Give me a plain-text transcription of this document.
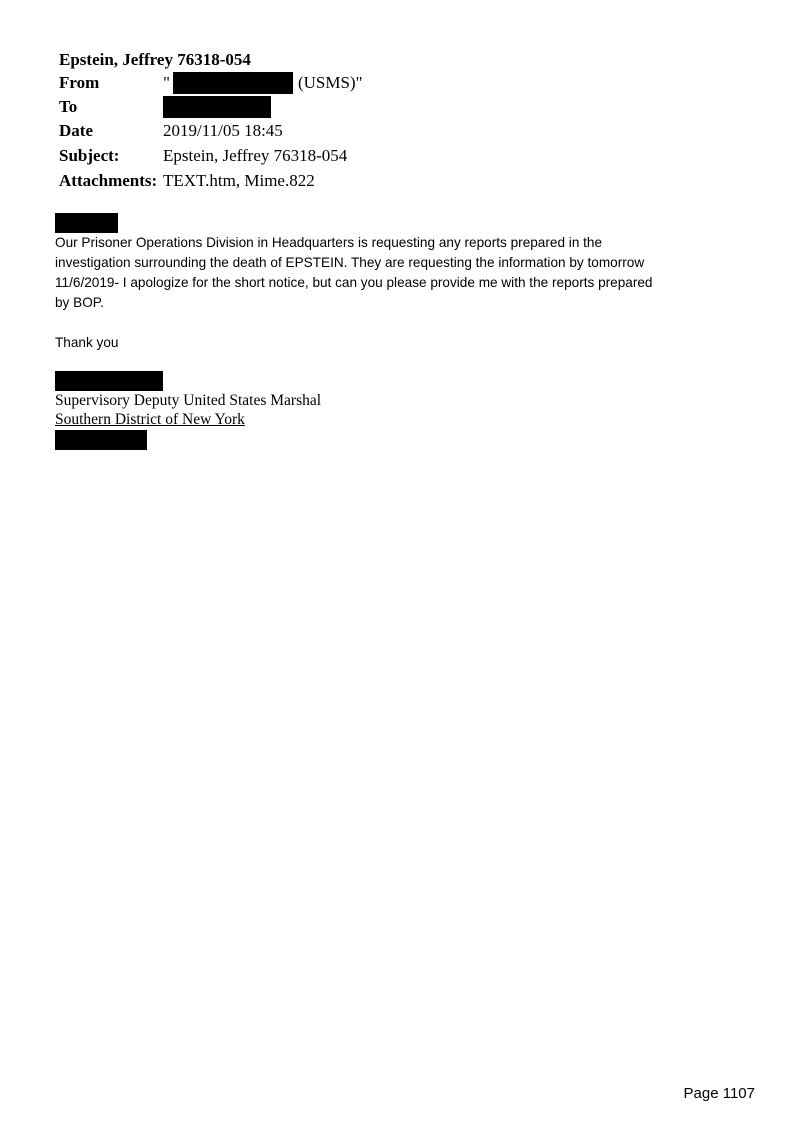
Epstein, Jeffrey 76318-054
From	"	(USMS)"
To
Date	2019/11/05 18:45
Subject:	Epstein, Jeffrey 76318-054
Attachments: TEXT.htm, Mime.822
Our Prisoner Operations Division in Headquarters is requesting any reports prepared in the
investigation surrounding the death of EPSTEIN. They are requesting the information by tomorrow
11/6/2019- I apologize for the short notice, but can you please provide me with the reports prepared
by BOP.
Thank you
Supervisory Deputy United States Marshal
Southern District of New York
Page 1107
